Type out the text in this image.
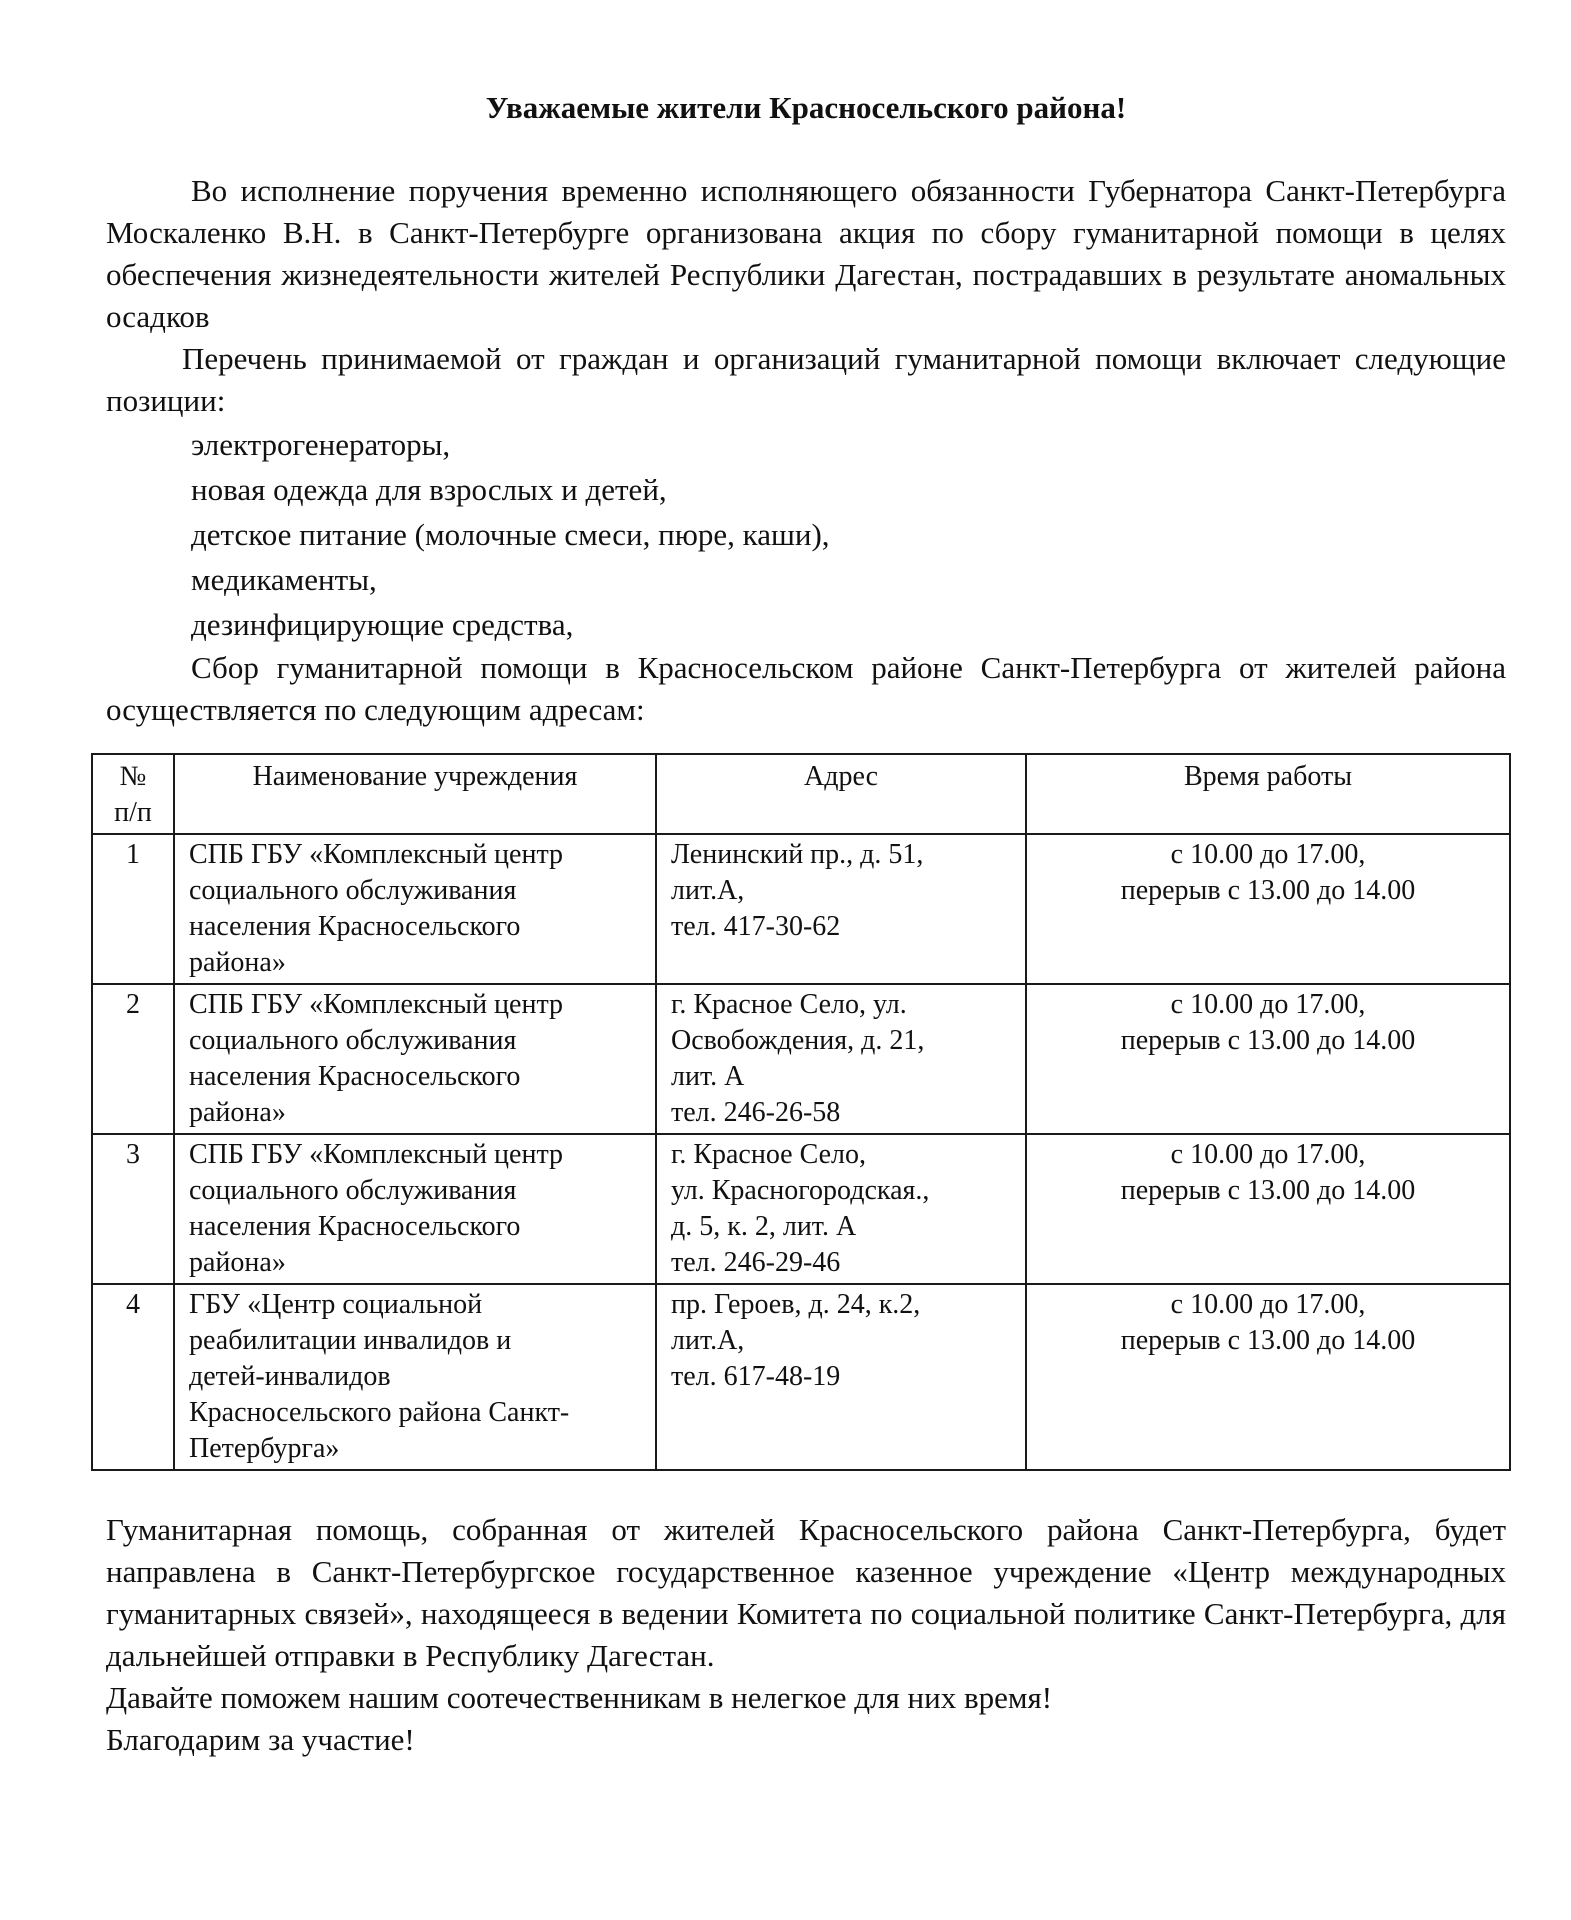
Уважаемые жители Красносельского района!

Во исполнение поручения временно исполняющего обязанности Губернатора Санкт-Петербурга Москаленко В.Н. в Санкт-Петербурге организована акция по сбору гуманитарной помощи в целях обеспечения жизнедеятельности жителей Республики Дагестан, пострадавших в результате аномальных осадков

Перечень принимаемой от граждан и организаций гуманитарной помощи включает следующие позиции:

электрогенераторы,
новая одежда для взрослых и детей,
детское питание (молочные смеси, пюре, каши),
медикаменты,
дезинфицирующие средства,

Сбор гуманитарной помощи в Красносельском районе Санкт-Петербурга от жителей района осуществляется по следующим адресам:

№
п/п	Наименование учреждения	Адрес	Время работы
1	СПБ ГБУ «Комплексный центр
социального обслуживания
населения Красносельского
района»	Ленинский пр., д. 51,
лит.А,
тел. 417-30-62	с 10.00 до 17.00,
перерыв с 13.00 до 14.00

2	СПБ ГБУ «Комплексный центр
социального обслуживания
населения Красносельского
района»	г. Красное Село, ул.
Освобождения, д. 21,
лит. А
тел. 246-26-58	с 10.00 до 17.00,
перерыв с 13.00 до 14.00

3	СПБ ГБУ «Комплексный центр
социального обслуживания
населения Красносельского
района»	г. Красное Село,
ул. Красногородская.,
д. 5, к. 2, лит. А
тел. 246-29-46	с 10.00 до 17.00,
перерыв с 13.00 до 14.00

4	ГБУ «Центр социальной
реабилитации инвалидов и
детей-инвалидов
Красносельского района Санкт-
Петербурга»	пр. Героев, д. 24, к.2,
лит.А,
тел. 617-48-19	с 10.00 до 17.00,
перерыв с 13.00 до 14.00

Гуманитарная помощь, собранная от жителей Красносельского района Санкт-Петербурга, будет направлена в Санкт-Петербургское государственное казенное учреждение «Центр международных гуманитарных связей», находящееся в ведении Комитета по социальной политике Санкт-Петербурга, для дальнейшей отправки в Республику Дагестан.

Давайте поможем нашим соотечественникам в нелегкое для них время!

Благодарим за участие!
